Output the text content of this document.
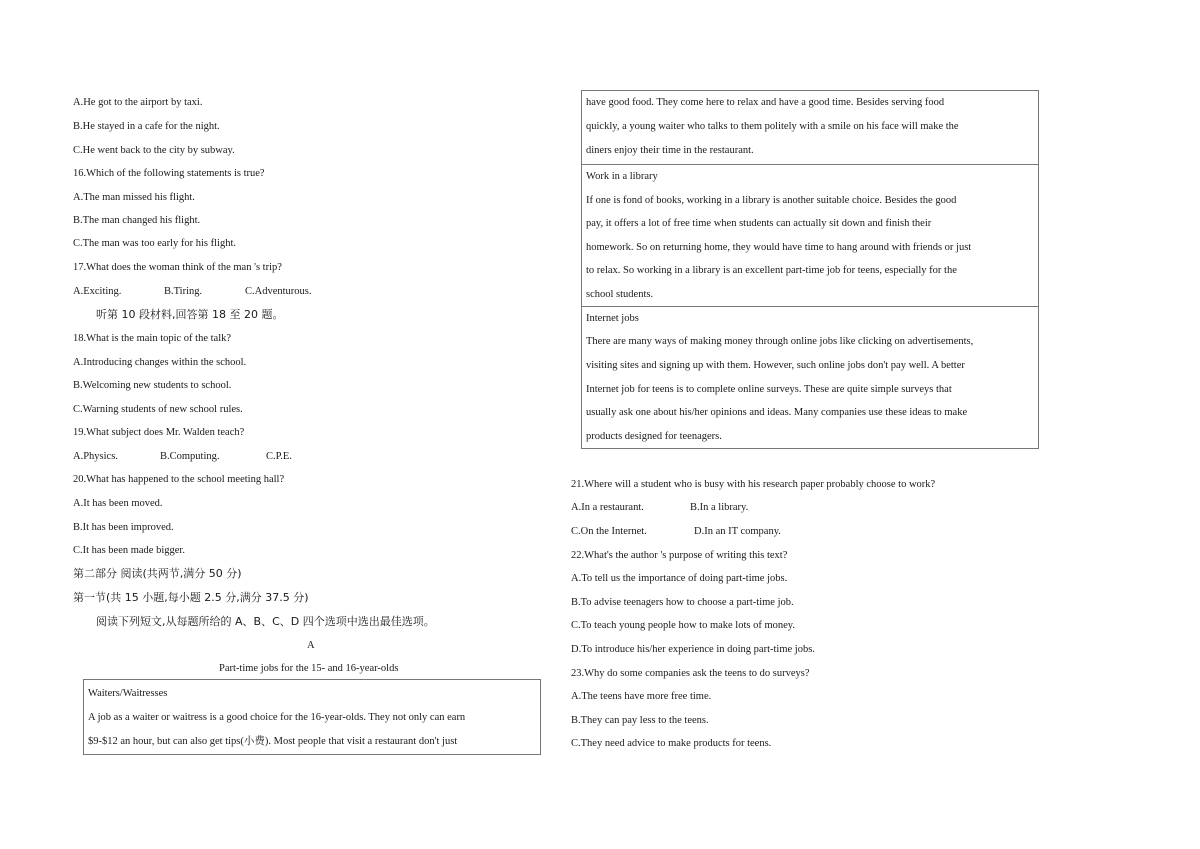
A.He got to the airport by taxi.
B.He stayed in a cafe for the night.
C.He went back to the city by subway.
16.Which of the following statements is true?
A.The man missed his flight.
B.The man changed his flight.
C.The man was too early for his flight.
17.What does the woman think of the man 's trip?
A.Exciting.	B.Tiring.	C.Adventurous.
听第 10 段材料,回答第 18 至 20 题。
18.What is the main topic of the talk?
A.Introducing changes within the school.
B.Welcoming new students to school.
C.Warning students of new school rules.
19.What subject does Mr. Walden teach?
A.Physics.	B.Computing.	C.P.E.
20.What has happened to the school meeting hall?
A.It has been moved.
B.It has been improved.
C.It has been made bigger.
第二部分 阅读(共两节,满分 50 分)
第一节(共 15 小题,每小题 2.5 分,满分 37.5 分)
阅读下列短文,从每题所给的 A、B、C、D 四个选项中选出最佳选项。
A
Part-time jobs for the 15- and 16-year-olds
Waiters/Waitresses
A job as a waiter or waitress is a good choice for the 16-year-olds. They not only can earn
$9-$12 an hour, but can also get tips(小费). Most people that visit a restaurant don't just
have good food. They come here to relax and have a good time. Besides serving food
quickly, a young waiter who talks to them politely with a smile on his face will make the
diners enjoy their time in the restaurant.
Work in a library
If one is fond of books, working in a library is another suitable choice. Besides the good
pay, it offers a lot of free time when students can actually sit down and finish their
homework. So on returning home, they would have time to hang around with friends or just
to relax. So working in a library is an excellent part-time job for teens, especially for the
school students.
Internet jobs
There are many ways of making money through online jobs like clicking on advertisements,
visiting sites and signing up with them. However, such online jobs don't pay well. A better
Internet job for teens is to complete online surveys. These are quite simple surveys that
usually ask one about his/her opinions and ideas. Many companies use these ideas to make
products designed for teenagers.
21.Where will a student who is busy with his research paper probably choose to work?
A.In a restaurant.	B.In a library.
C.On the Internet.	D.In an IT company.
22.What's the author 's purpose of writing this text?
A.To tell us the importance of doing part-time jobs.
B.To advise teenagers how to choose a part-time job.
C.To teach young people how to make lots of money.
D.To introduce his/her experience in doing part-time jobs.
23.Why do some companies ask the teens to do surveys?
A.The teens have more free time.
B.They can pay less to the teens.
C.They need advice to make products for teens.
